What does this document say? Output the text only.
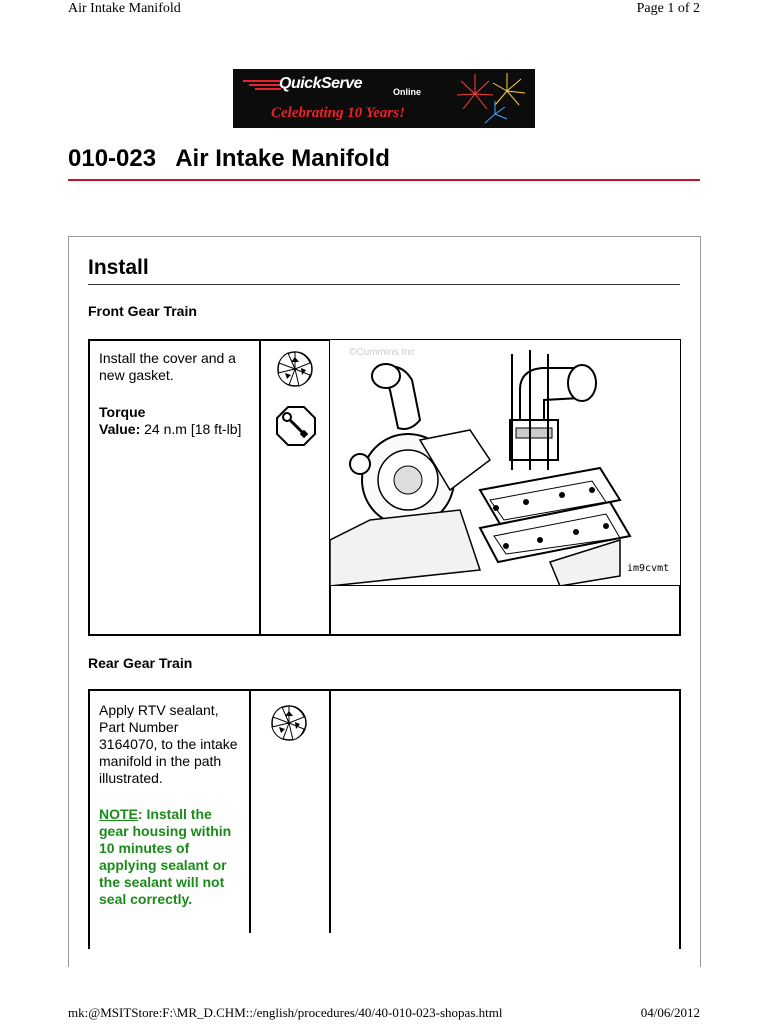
Air Intake Manifold	Page 1 of 2
QuickServe	Online
Celebrating 10 Years!
010-023   Air Intake Manifold
Install
Front Gear Train
Install the cover and a new gasket.
Torque
Value: 24 n.m [18 ft-lb]
©Cummins Inc
im9cvmt
Rear Gear Train
Apply RTV sealant, Part Number 3164070, to the intake manifold in the path illustrated.
NOTE: Install the gear housing within 10 minutes of applying sealant or the sealant will not seal correctly.
mk:@MSITStore:F:\MR_D.CHM::/english/procedures/40/40-010-023-shopas.html	04/06/2012
